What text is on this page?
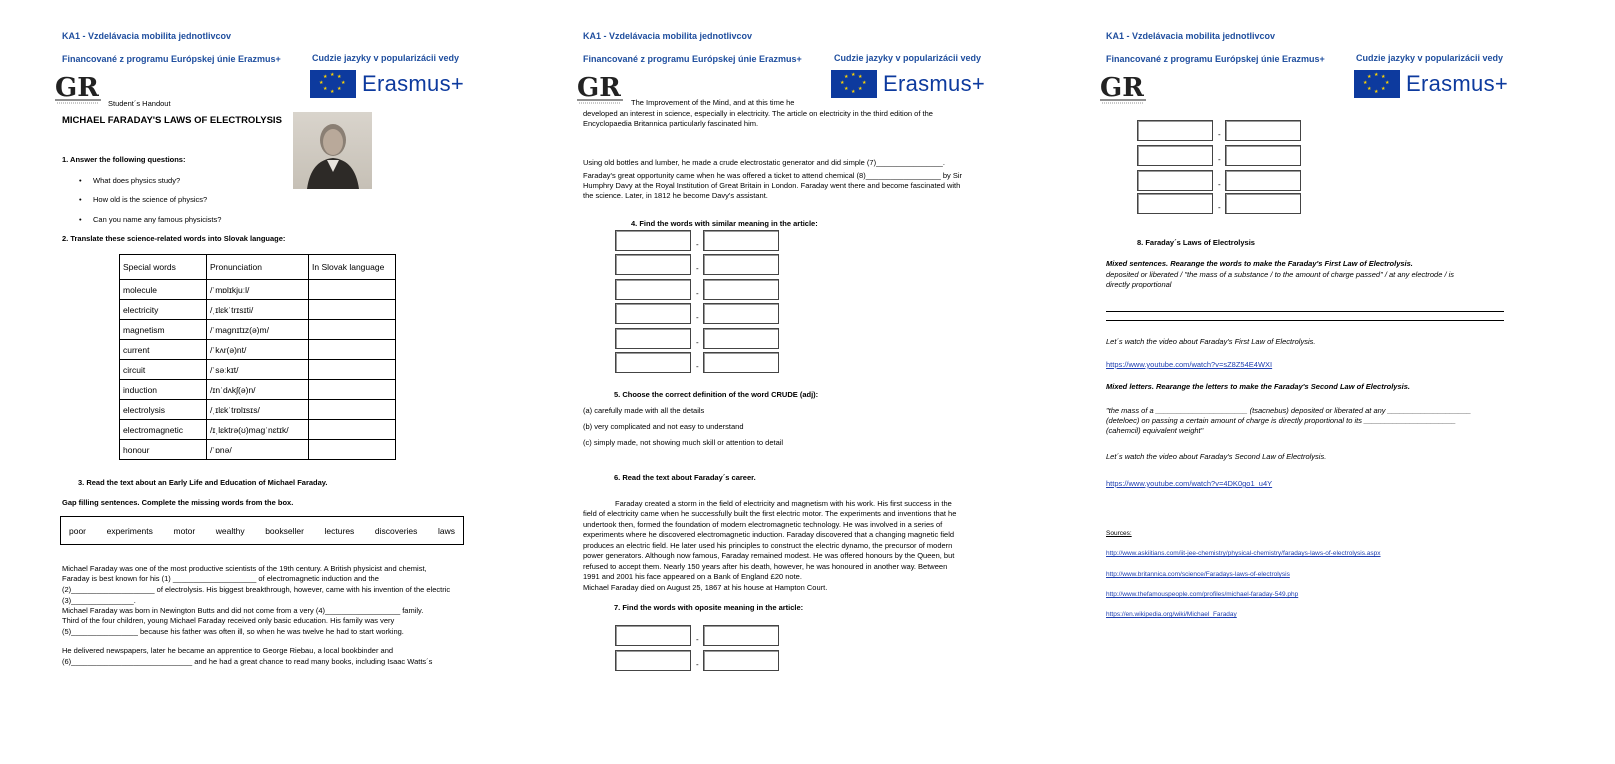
KA1 - Vzdelávacia mobilita jednotlivcov
Financované z programu Európskej únie Erazmus+	Cudzie jazyky v popularizácii vedy
GR	★ ★
★
★
★
★
★
★ Erasmus+
Student´s Handout
MICHAEL FARADAY'S LAWS OF ELECTROLYSIS
1. Answer the following questions:
• What does physics study?
• How old is the science of physics?
• Can you name any famous physicists?
2. Translate these science-related words into Slovak language:
Special words	Pronunciation	In Slovak language
molecule	/ˈmɒlɪkjuːl/	
electricity	/ˌɪlɛkˈtrɪsɪti/	
magnetism	/ˈmagnɪtɪz(ə)m/	
current	/ˈkʌr(ə)nt/	
circuit	/ˈsəːkɪt/	
induction	/ɪnˈdʌkʃ(ə)n/	
electrolysis	/ˌɪlɛkˈtrɒlɪsɪs/	
electromagnetic	/ɪˌlɛktrə(ʊ)magˈnɛtɪk/	
honour	/ˈɒnə/	
3. Read the text about an Early Life and Education of Michael Faraday.
Gap filling sentences. Complete the missing words from the box.
poor experiments motor wealthy bookseller lectures discoveries laws
Michael Faraday was one of the most productive scientists of the 19th century. A British physicist and chemist,
Faraday is best known for his (1) ____________________ of electromagnetic induction and the
(2)____________________ of electrolysis. His biggest breakthrough, however, came with his invention of the electric
(3)_______________.
Michael Faraday was born in Newington Butts and did not come from a very (4)__________________ family.
Third of the four children, young Michael Faraday received only basic education. His family was very
(5)________________ because his father was often ill, so when he was twelve he had to start working.
He delivered newspapers, later he became an apprentice to George Riebau, a local bookbinder and
(6)_____________________________ and he had a great chance to read many books, including Isaac Watts´s
KA1 - Vzdelávacia mobilita jednotlivcov
Financované z programu Európskej únie Erazmus+	Cudzie jazyky v popularizácii vedy
GR	★ ★
★
★
★
★
★
★ Erasmus+
The Improvement of the Mind, and at this time he
developed an interest in science, especially in electricity. The article on electricity in the third edition of the
Encyclopaedia Britannica particularly fascinated him.
Using old bottles and lumber, he made a crude electrostatic generator and did simple (7)________________.
Faraday's great opportunity came when he was offered a ticket to attend chemical (8)__________________ by Sir
Humphry Davy at the Royal Institution of Great Britain in London. Faraday went there and become fascinated with
the science. Later, in 1812 he become Davy's assistant.
4. Find the words with similar meaning in the article:
-
-
-
-
-
-
5. Choose the correct definition of the word CRUDE (adj):
(a) carefully made with all the details
(b) very complicated and not easy to understand
(c) simply made, not showing much skill or attention to detail
6. Read the text about Faraday´s career.
Faraday created a storm in the field of electricity and magnetism with his work. His first success in the
field of electricity came when he successfully built the first electric motor. The experiments and inventions that he
undertook then, formed the foundation of modern electromagnetic technology. He was involved in a series of
experiments where he discovered electromagnetic induction. Faraday discovered that a changing magnetic field
produces an electric field. He later used his principles to construct the electric dynamo, the precursor of modern
power generators. Although now famous, Faraday remained modest. He was offered honours by the Queen, but
refused to accept them. Nearly 150 years after his death, however, he was honoured in another way. Between
1991 and 2001 his face appeared on a Bank of England £20 note.
Michael Faraday died on August 25, 1867 at his house at Hampton Court.
7. Find the words with oposite meaning in the article:
-
-
KA1 - Vzdelávacia mobilita jednotlivcov
Financované z programu Európskej únie Erazmus+	Cudzie jazyky v popularizácii vedy
GR	★ ★
★
★
★
★
★
★ Erasmus+
-
-
-
-
8. Faraday´s Laws of Electrolysis
Mixed sentences. Rearange the words to make the Faraday's First Law of Electrolysis.
deposited or liberated / "the mass of a substance / to the amount of charge passed" / at any electrode / is
directly proportional
Let´s watch the video about Faraday's First Law of Electrolysis.
https://www.youtube.com/watch?v=sZ8Z54E4WXI
Mixed letters. Rearange the letters to make the Faraday's Second Law of Electrolysis.
"the mass of a ______________________ (tsacnebus) deposited or liberated at any ____________________
(deteloec) on passing a certain amount of charge is directly proportional to its ______________________
(cahemcil) equivalent weight"
Let´s watch the video about Faraday's Second Law of Electrolysis.
https://www.youtube.com/watch?v=4DK0go1_u4Y
Sources:
http://www.askiitians.com/iit-jee-chemistry/physical-chemistry/faradays-laws-of-electrolysis.aspx
http://www.britannica.com/science/Faradays-laws-of-electrolysis
http://www.thefamouspeople.com/profiles/michael-faraday-549.php
https://en.wikipedia.org/wiki/Michael_Faraday
